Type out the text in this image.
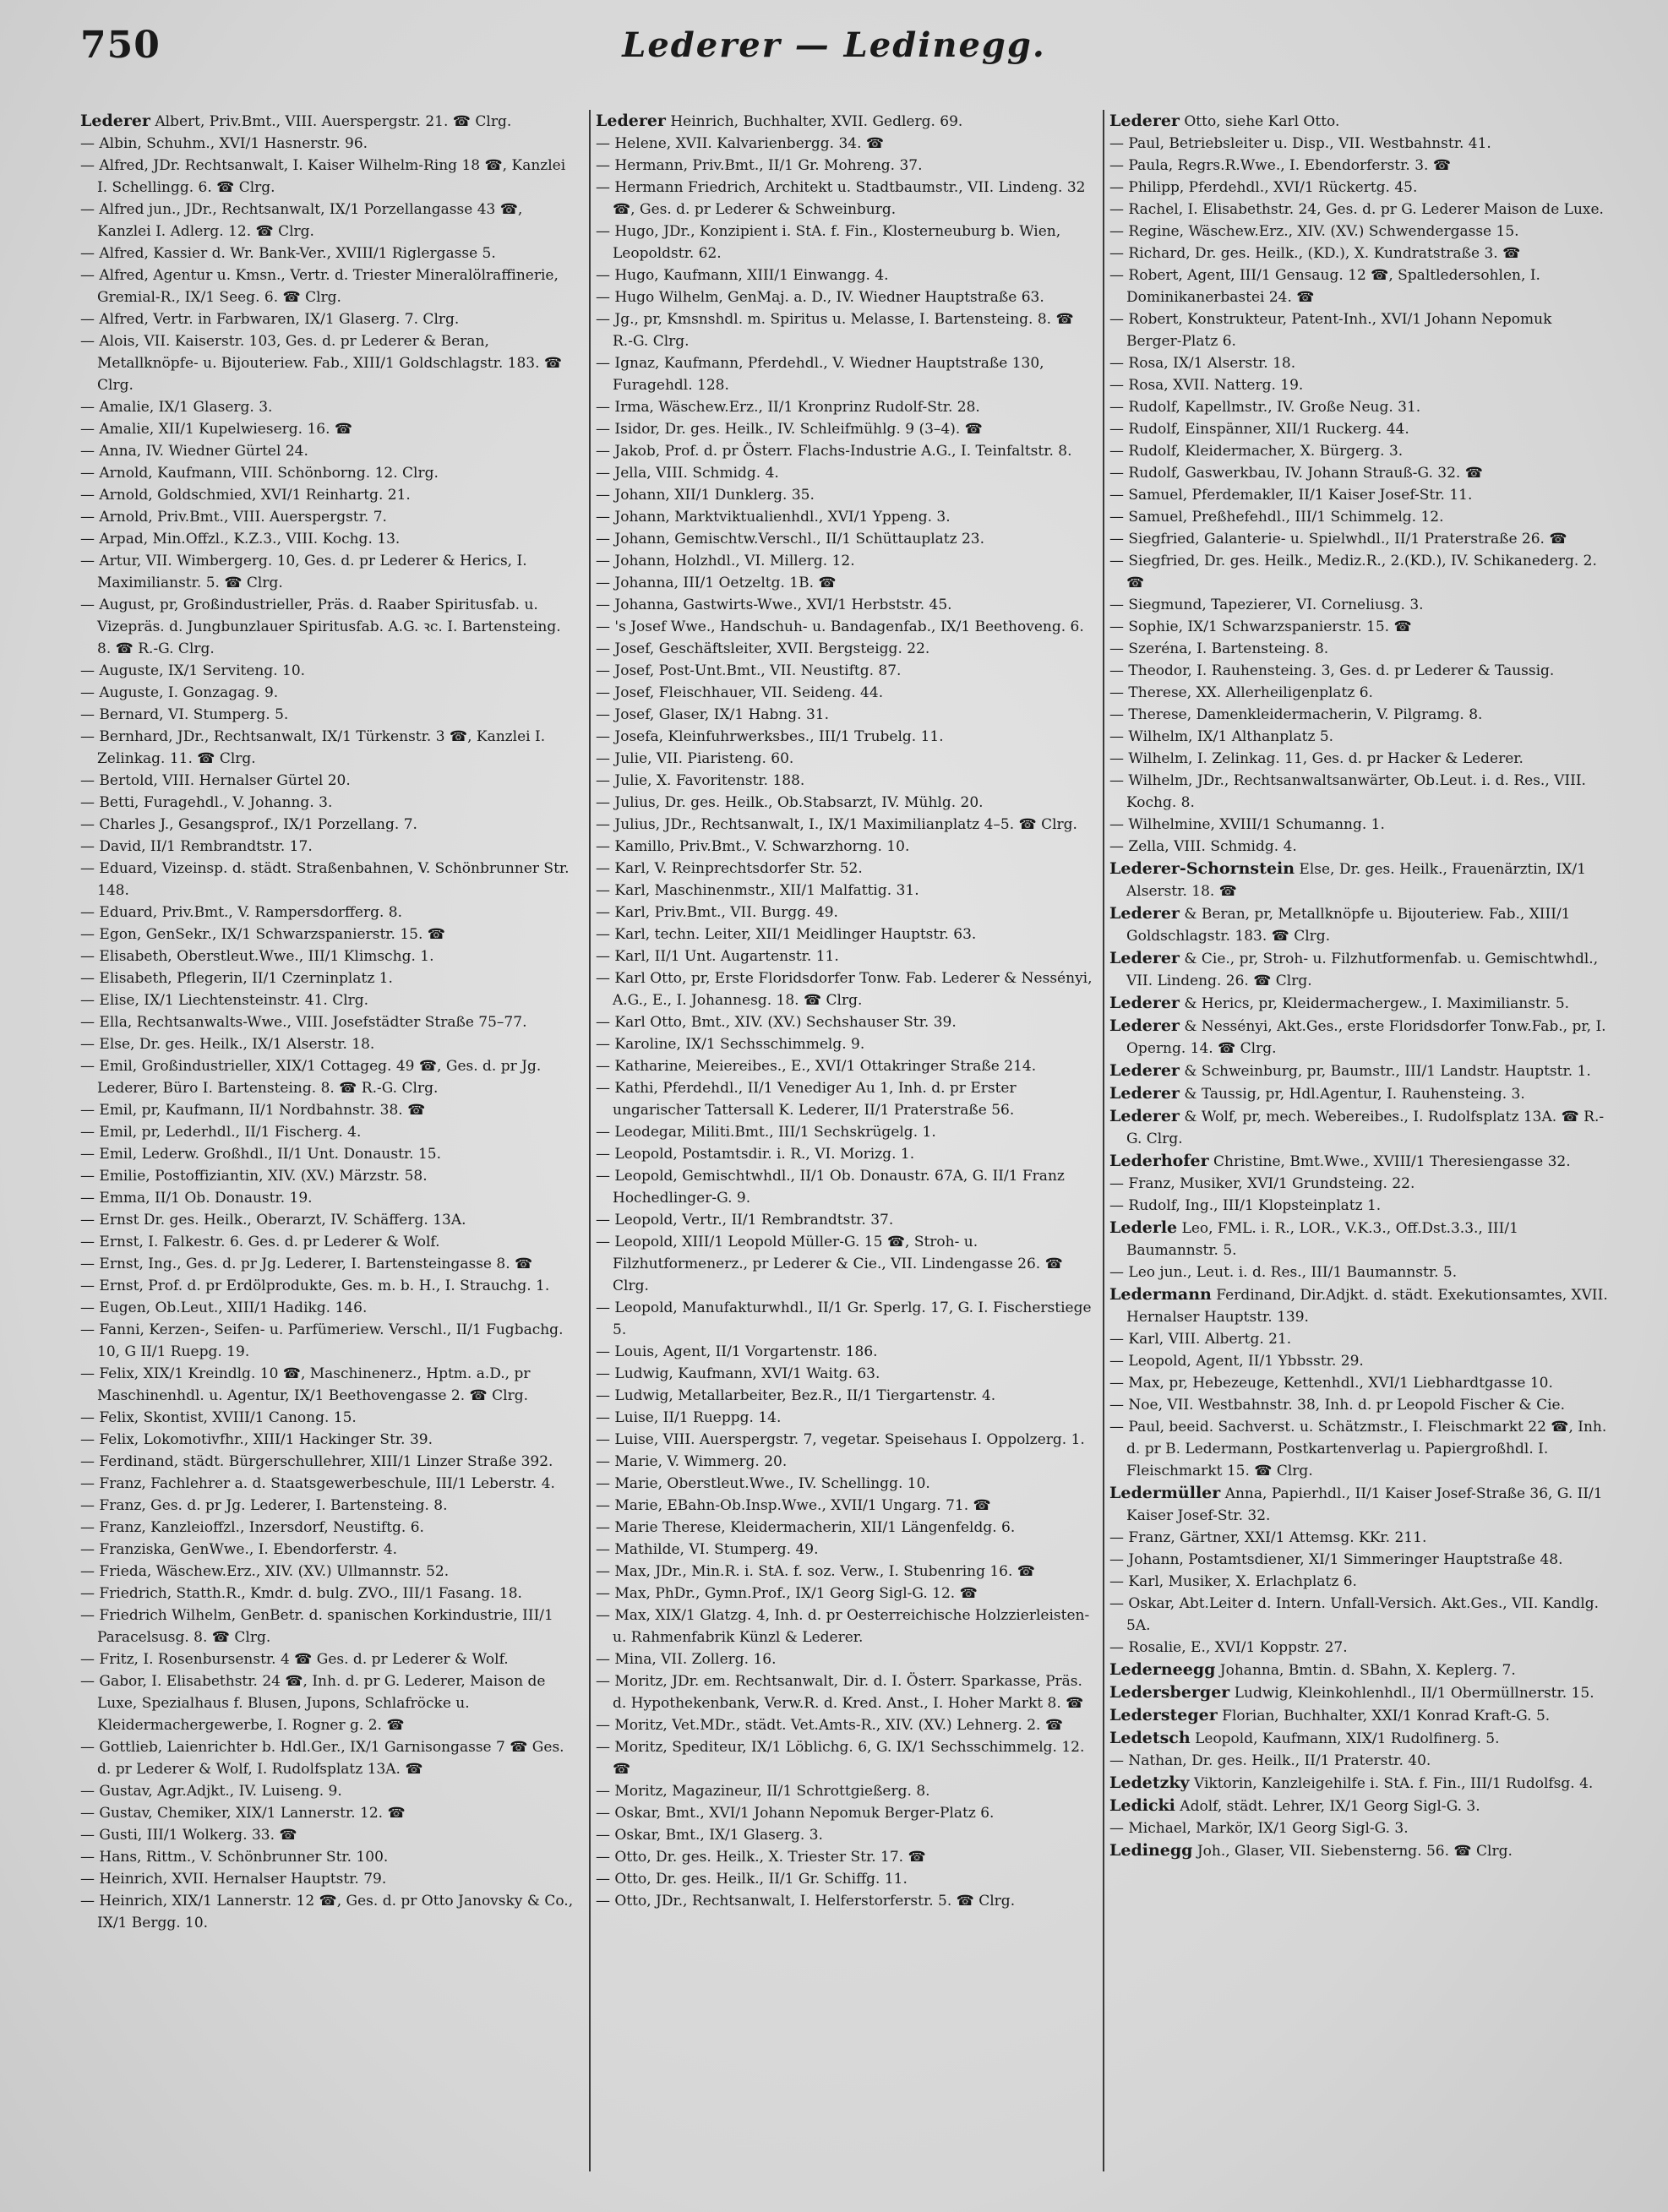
750	Lederer — Ledinegg.
Lederer Albert, Priv.Bmt., VIII. Auerspergstr. 21. ☎ Clrg.
— Albin, Schuhm., XVI/1 Hasnerstr. 96.
— Alfred, JDr. Rechtsanwalt, I. Kaiser Wilhelm-Ring 18 ☎, Kanzlei I. Schellingg. 6. ☎ Clrg.
— Alfred jun., JDr., Rechtsanwalt, IX/1 Porzellangasse 43 ☎, Kanzlei I. Adlerg. 12. ☎ Clrg.
— Alfred, Kassier d. Wr. Bank-Ver., XVIII/1 Riglergasse 5.
— Alfred, Agentur u. Kmsn., Vertr. d. Triester Mineralölraffinerie, Gremial-R., IX/1 Seeg. 6. ☎ Clrg.
— Alfred, Vertr. in Farbwaren, IX/1 Glaserg. 7. Clrg.
— Alois, VII. Kaiserstr. 103, Ges. d. pr Lederer & Beran, Metallknöpfe- u. Bijouteriew. Fab., XIII/1 Goldschlagstr. 183. ☎ Clrg.
— Amalie, IX/1 Glaserg. 3.
— Amalie, XII/1 Kupelwieserg. 16. ☎
— Anna, IV. Wiedner Gürtel 24.
— Arnold, Kaufmann, VIII. Schönborng. 12. Clrg.
— Arnold, Goldschmied, XVI/1 Reinhartg. 21.
— Arnold, Priv.Bmt., VIII. Auerspergstr. 7.
— Arpad, Min.Offzl., K.Z.3., VIII. Kochg. 13.
— Artur, VII. Wimbergerg. 10, Ges. d. pr Lederer & Herics, I. Maximilianstr. 5. ☎ Clrg.
— August, pr, Großindustrieller, Präs. d. Raaber Spiritusfab. u. Vizepräs. d. Jungbunzlauer Spiritusfab. A.G. ꝛc. I. Bartensteing. 8. ☎ R.-G. Clrg.
— Auguste, IX/1 Serviteng. 10.
— Auguste, I. Gonzagag. 9.
— Bernard, VI. Stumperg. 5.
— Bernhard, JDr., Rechtsanwalt, IX/1 Türkenstr. 3 ☎, Kanzlei I. Zelinkag. 11. ☎ Clrg.
— Bertold, VIII. Hernalser Gürtel 20.
— Betti, Furagehdl., V. Johanng. 3.
— Charles J., Gesangsprof., IX/1 Porzellang. 7.
— David, II/1 Rembrandtstr. 17.
— Eduard, Vizeinsp. d. städt. Straßenbahnen, V. Schönbrunner Str. 148.
— Eduard, Priv.Bmt., V. Rampersdorfferg. 8.
— Egon, GenSekr., IX/1 Schwarzspanierstr. 15. ☎
— Elisabeth, Oberstleut.Wwe., III/1 Klimschg. 1.
— Elisabeth, Pflegerin, II/1 Czerninplatz 1.
— Elise, IX/1 Liechtensteinstr. 41. Clrg.
— Ella, Rechtsanwalts-Wwe., VIII. Josefstädter Straße 75–77.
— Else, Dr. ges. Heilk., IX/1 Alserstr. 18.
— Emil, Großindustrieller, XIX/1 Cottageg. 49 ☎, Ges. d. pr Jg. Lederer, Büro I. Bartensteing. 8. ☎ R.-G. Clrg.
— Emil, pr, Kaufmann, II/1 Nordbahnstr. 38. ☎
— Emil, pr, Lederhdl., II/1 Fischerg. 4.
— Emil, Lederw. Großhdl., II/1 Unt. Donaustr. 15.
— Emilie, Postoffiziantin, XIV. (XV.) Märzstr. 58.
— Emma, II/1 Ob. Donaustr. 19.
— Ernst Dr. ges. Heilk., Oberarzt, IV. Schäfferg. 13A.
— Ernst, I. Falkestr. 6. Ges. d. pr Lederer & Wolf.
— Ernst, Ing., Ges. d. pr Jg. Lederer, I. Bartensteingasse 8. ☎
— Ernst, Prof. d. pr Erdölprodukte, Ges. m. b. H., I. Strauchg. 1.
— Eugen, Ob.Leut., XIII/1 Hadikg. 146.
— Fanni, Kerzen-, Seifen- u. Parfümeriew. Verschl., II/1 Fugbachg. 10, G II/1 Ruepg. 19.
— Felix, XIX/1 Kreindlg. 10 ☎, Maschinenerz., Hptm. a.D., pr Maschinenhdl. u. Agentur, IX/1 Beethovengasse 2. ☎ Clrg.
— Felix, Skontist, XVIII/1 Canong. 15.
— Felix, Lokomotivfhr., XIII/1 Hackinger Str. 39.
— Ferdinand, städt. Bürgerschullehrer, XIII/1 Linzer Straße 392.
— Franz, Fachlehrer a. d. Staatsgewerbeschule, III/1 Leberstr. 4.
— Franz, Ges. d. pr Jg. Lederer, I. Bartensteing. 8.
— Franz, Kanzleioffzl., Inzersdorf, Neustiftg. 6.
— Franziska, GenWwe., I. Ebendorferstr. 4.
— Frieda, Wäschew.Erz., XIV. (XV.) Ullmannstr. 52.
— Friedrich, Statth.R., Kmdr. d. bulg. ZVO., III/1 Fasang. 18.
— Friedrich Wilhelm, GenBetr. d. spanischen Korkindustrie, III/1 Paracelsusg. 8. ☎ Clrg.
— Fritz, I. Rosenbursenstr. 4 ☎ Ges. d. pr Lederer & Wolf.
— Gabor, I. Elisabethstr. 24 ☎, Inh. d. pr G. Lederer, Maison de Luxe, Spezialhaus f. Blusen, Jupons, Schlafröcke u. Kleidermachergewerbe, I. Rogner g. 2. ☎
— Gottlieb, Laienrichter b. Hdl.Ger., IX/1 Garnisongasse 7 ☎ Ges. d. pr Lederer & Wolf, I. Rudolfsplatz 13A. ☎
— Gustav, Agr.Adjkt., IV. Luiseng. 9.
— Gustav, Chemiker, XIX/1 Lannerstr. 12. ☎
— Gusti, III/1 Wolkerg. 33. ☎
— Hans, Rittm., V. Schönbrunner Str. 100.
— Heinrich, XVII. Hernalser Hauptstr. 79.
— Heinrich, XIX/1 Lannerstr. 12 ☎, Ges. d. pr Otto Janovsky & Co., IX/1 Bergg. 10.
Lederer Heinrich, Buchhalter, XVII. Gedlerg. 69.
— Helene, XVII. Kalvarienbergg. 34. ☎
— Hermann, Priv.Bmt., II/1 Gr. Mohreng. 37.
— Hermann Friedrich, Architekt u. Stadtbaumstr., VII. Lindeng. 32 ☎, Ges. d. pr Lederer & Schweinburg.
— Hugo, JDr., Konzipient i. StA. f. Fin., Klosterneuburg b. Wien, Leopoldstr. 62.
— Hugo, Kaufmann, XIII/1 Einwangg. 4.
— Hugo Wilhelm, GenMaj. a. D., IV. Wiedner Hauptstraße 63.
— Jg., pr, Kmsnshdl. m. Spiritus u. Melasse, I. Bartensteing. 8. ☎ R.-G. Clrg.
— Ignaz, Kaufmann, Pferdehdl., V. Wiedner Hauptstraße 130, Furagehdl. 128.
— Irma, Wäschew.Erz., II/1 Kronprinz Rudolf-Str. 28.
— Isidor, Dr. ges. Heilk., IV. Schleifmühlg. 9 (3–4). ☎
— Jakob, Prof. d. pr Österr. Flachs-Industrie A.G., I. Teinfaltstr. 8.
— Jella, VIII. Schmidg. 4.
— Johann, XII/1 Dunklerg. 35.
— Johann, Marktviktualienhdl., XVI/1 Yppeng. 3.
— Johann, Gemischtw.Verschl., II/1 Schüttauplatz 23.
— Johann, Holzhdl., VI. Millerg. 12.
— Johanna, III/1 Oetzeltg. 1B. ☎
— Johanna, Gastwirts-Wwe., XVI/1 Herbststr. 45.
— 's Josef Wwe., Handschuh- u. Bandagenfab., IX/1 Beethoveng. 6.
— Josef, Geschäftsleiter, XVII. Bergsteigg. 22.
— Josef, Post-Unt.Bmt., VII. Neustiftg. 87.
— Josef, Fleischhauer, VII. Seideng. 44.
— Josef, Glaser, IX/1 Habng. 31.
— Josefa, Kleinfuhrwerksbes., III/1 Trubelg. 11.
— Julie, VII. Piaristeng. 60.
— Julie, X. Favoritenstr. 188.
— Julius, Dr. ges. Heilk., Ob.Stabsarzt, IV. Mühlg. 20.
— Julius, JDr., Rechtsanwalt, I., IX/1 Maximilianplatz 4–5. ☎ Clrg.
— Kamillo, Priv.Bmt., V. Schwarzhorng. 10.
— Karl, V. Reinprechtsdorfer Str. 52.
— Karl, Maschinenmstr., XII/1 Malfattig. 31.
— Karl, Priv.Bmt., VII. Burgg. 49.
— Karl, techn. Leiter, XII/1 Meidlinger Hauptstr. 63.
— Karl, II/1 Unt. Augartenstr. 11.
— Karl Otto, pr, Erste Floridsdorfer Tonw. Fab. Lederer & Nessényi, A.G., E., I. Johannesg. 18. ☎ Clrg.
— Karl Otto, Bmt., XIV. (XV.) Sechshauser Str. 39.
— Karoline, IX/1 Sechsschimmelg. 9.
— Katharine, Meiereibes., E., XVI/1 Ottakringer Straße 214.
— Kathi, Pferdehdl., II/1 Venediger Au 1, Inh. d. pr Erster ungarischer Tattersall K. Lederer, II/1 Praterstraße 56.
— Leodegar, Militi.Bmt., III/1 Sechskrügelg. 1.
— Leopold, Postamtsdir. i. R., VI. Morizg. 1.
— Leopold, Gemischtwhdl., II/1 Ob. Donaustr. 67A, G. II/1 Franz Hochedlinger-G. 9.
— Leopold, Vertr., II/1 Rembrandtstr. 37.
— Leopold, XIII/1 Leopold Müller-G. 15 ☎, Stroh- u. Filzhutformenerz., pr Lederer & Cie., VII. Lindengasse 26. ☎ Clrg.
— Leopold, Manufakturwhdl., II/1 Gr. Sperlg. 17, G. I. Fischerstiege 5.
— Louis, Agent, II/1 Vorgartenstr. 186.
— Ludwig, Kaufmann, XVI/1 Waitg. 63.
— Ludwig, Metallarbeiter, Bez.R., II/1 Tiergartenstr. 4.
— Luise, II/1 Rueppg. 14.
— Luise, VIII. Auerspergstr. 7, vegetar. Speisehaus I. Oppolzerg. 1.
— Marie, V. Wimmerg. 20.
— Marie, Oberstleut.Wwe., IV. Schellingg. 10.
— Marie, EBahn-Ob.Insp.Wwe., XVII/1 Ungarg. 71. ☎
— Marie Therese, Kleidermacherin, XII/1 Längenfeldg. 6.
— Mathilde, VI. Stumperg. 49.
— Max, JDr., Min.R. i. StA. f. soz. Verw., I. Stubenring 16. ☎
— Max, PhDr., Gymn.Prof., IX/1 Georg Sigl-G. 12. ☎
— Max, XIX/1 Glatzg. 4, Inh. d. pr Oesterreichische Holzzierleisten- u. Rahmenfabrik Künzl & Lederer.
— Mina, VII. Zollerg. 16.
— Moritz, JDr. em. Rechtsanwalt, Dir. d. I. Österr. Sparkasse, Präs. d. Hypothekenbank, Verw.R. d. Kred. Anst., I. Hoher Markt 8. ☎
— Moritz, Vet.MDr., städt. Vet.Amts-R., XIV. (XV.) Lehnerg. 2. ☎
— Moritz, Spediteur, IX/1 Löblichg. 6, G. IX/1 Sechsschimmelg. 12. ☎
— Moritz, Magazineur, II/1 Schrottgießerg. 8.
— Oskar, Bmt., XVI/1 Johann Nepomuk Berger-Platz 6.
— Oskar, Bmt., IX/1 Glaserg. 3.
— Otto, Dr. ges. Heilk., X. Triester Str. 17. ☎
— Otto, Dr. ges. Heilk., II/1 Gr. Schiffg. 11.
— Otto, JDr., Rechtsanwalt, I. Helferstorferstr. 5. ☎ Clrg.
Lederer Otto, siehe Karl Otto.
— Paul, Betriebsleiter u. Disp., VII. Westbahnstr. 41.
— Paula, Regrs.R.Wwe., I. Ebendorferstr. 3. ☎
— Philipp, Pferdehdl., XVI/1 Rückertg. 45.
— Rachel, I. Elisabethstr. 24, Ges. d. pr G. Lederer Maison de Luxe.
— Regine, Wäschew.Erz., XIV. (XV.) Schwendergasse 15.
— Richard, Dr. ges. Heilk., (KD.), X. Kundratstraße 3. ☎
— Robert, Agent, III/1 Gensaug. 12 ☎, Spaltledersohlen, I. Dominikanerbastei 24. ☎
— Robert, Konstrukteur, Patent-Inh., XVI/1 Johann Nepomuk Berger-Platz 6.
— Rosa, IX/1 Alserstr. 18.
— Rosa, XVII. Natterg. 19.
— Rudolf, Kapellmstr., IV. Große Neug. 31.
— Rudolf, Einspänner, XII/1 Ruckerg. 44.
— Rudolf, Kleidermacher, X. Bürgerg. 3.
— Rudolf, Gaswerkbau, IV. Johann Strauß-G. 32. ☎
— Samuel, Pferdemakler, II/1 Kaiser Josef-Str. 11.
— Samuel, Preßhefehdl., III/1 Schimmelg. 12.
— Siegfried, Galanterie- u. Spielwhdl., II/1 Praterstraße 26. ☎
— Siegfried, Dr. ges. Heilk., Mediz.R., 2.(KD.), IV. Schikanederg. 2. ☎
— Siegmund, Tapezierer, VI. Corneliusg. 3.
— Sophie, IX/1 Schwarzspanierstr. 15. ☎
— Szeréna, I. Bartensteing. 8.
— Theodor, I. Rauhensteing. 3, Ges. d. pr Lederer & Taussig.
— Therese, XX. Allerheiligenplatz 6.
— Therese, Damenkleidermacherin, V. Pilgramg. 8.
— Wilhelm, IX/1 Althanplatz 5.
— Wilhelm, I. Zelinkag. 11, Ges. d. pr Hacker & Lederer.
— Wilhelm, JDr., Rechtsanwaltsanwärter, Ob.Leut. i. d. Res., VIII. Kochg. 8.
— Wilhelmine, XVIII/1 Schumanng. 1.
— Zella, VIII. Schmidg. 4.
Lederer-Schornstein Else, Dr. ges. Heilk., Frauenärztin, IX/1 Alserstr. 18. ☎
Lederer & Beran, pr, Metallknöpfe u. Bijouteriew. Fab., XIII/1 Goldschlagstr. 183. ☎ Clrg.
Lederer & Cie., pr, Stroh- u. Filzhutformenfab. u. Gemischtwhdl., VII. Lindeng. 26. ☎ Clrg.
Lederer & Herics, pr, Kleidermachergew., I. Maximilianstr. 5.
Lederer & Nessényi, Akt.Ges., erste Floridsdorfer Tonw.Fab., pr, I. Operng. 14. ☎ Clrg.
Lederer & Schweinburg, pr, Baumstr., III/1 Landstr. Hauptstr. 1.
Lederer & Taussig, pr, Hdl.Agentur, I. Rauhensteing. 3.
Lederer & Wolf, pr, mech. Webereibes., I. Rudolfsplatz 13A. ☎ R.-G. Clrg.
Lederhofer Christine, Bmt.Wwe., XVIII/1 Theresiengasse 32.
— Franz, Musiker, XVI/1 Grundsteing. 22.
— Rudolf, Ing., III/1 Klopsteinplatz 1.
Lederle Leo, FML. i. R., LOR., V.K.3., Off.Dst.3.3., III/1 Baumannstr. 5.
— Leo jun., Leut. i. d. Res., III/1 Baumannstr. 5.
Ledermann Ferdinand, Dir.Adjkt. d. städt. Exekutionsamtes, XVII. Hernalser Hauptstr. 139.
— Karl, VIII. Albertg. 21.
— Leopold, Agent, II/1 Ybbsstr. 29.
— Max, pr, Hebezeuge, Kettenhdl., XVI/1 Liebhardtgasse 10.
— Noe, VII. Westbahnstr. 38, Inh. d. pr Leopold Fischer & Cie.
— Paul, beeid. Sachverst. u. Schätzmstr., I. Fleischmarkt 22 ☎, Inh. d. pr B. Ledermann, Postkartenverlag u. Papiergroßhdl. I. Fleischmarkt 15. ☎ Clrg.
Ledermüller Anna, Papierhdl., II/1 Kaiser Josef-Straße 36, G. II/1 Kaiser Josef-Str. 32.
— Franz, Gärtner, XXI/1 Attemsg. KKr. 211.
— Johann, Postamtsdiener, XI/1 Simmeringer Hauptstraße 48.
— Karl, Musiker, X. Erlachplatz 6.
— Oskar, Abt.Leiter d. Intern. Unfall-Versich. Akt.Ges., VII. Kandlg. 5A.
— Rosalie, E., XVI/1 Koppstr. 27.
Lederneegg Johanna, Bmtin. d. SBahn, X. Keplerg. 7.
Ledersberger Ludwig, Kleinkohlenhdl., II/1 Obermüllnerstr. 15.
Ledersteger Florian, Buchhalter, XXI/1 Konrad Kraft-G. 5.
Ledetsch Leopold, Kaufmann, XIX/1 Rudolfinerg. 5.
— Nathan, Dr. ges. Heilk., II/1 Praterstr. 40.
Ledetzky Viktorin, Kanzleigehilfe i. StA. f. Fin., III/1 Rudolfsg. 4.
Ledicki Adolf, städt. Lehrer, IX/1 Georg Sigl-G. 3.
— Michael, Markör, IX/1 Georg Sigl-G. 3.
Ledinegg Joh., Glaser, VII. Siebensterng. 56. ☎ Clrg.
